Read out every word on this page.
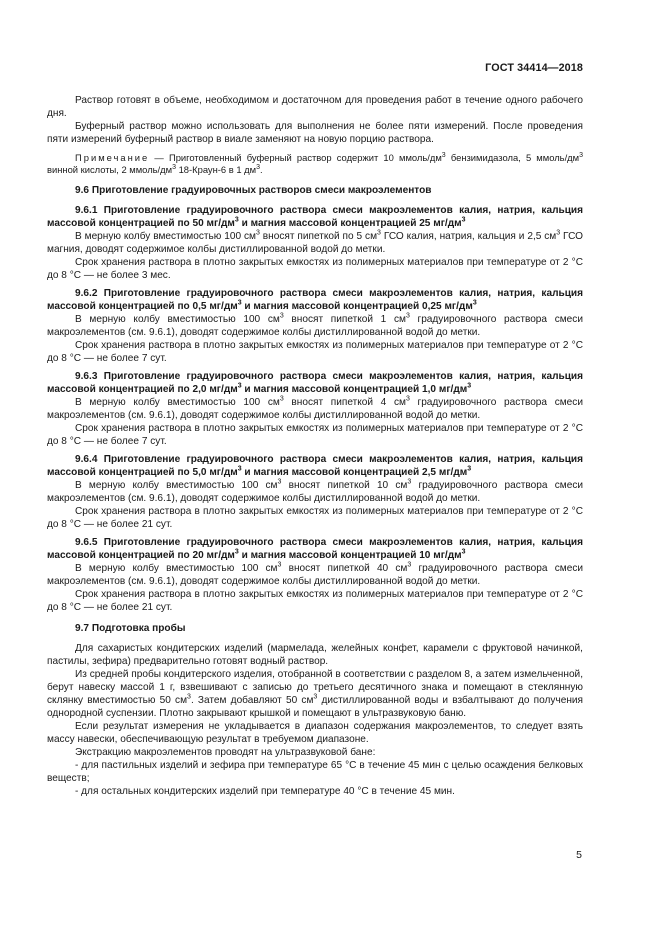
ГОСТ 34414—2018

Раствор готовят в объеме, необходимом и достаточном для проведения работ в течение одного рабочего дня.

Буферный раствор можно использовать для выполнения не более пяти измерений. После проведения пяти измерений буферный раствор в виале заменяют на новую порцию раствора.

Примечание — Приготовленный буферный раствор содержит 10 ммоль/$дм^3$ бензимидазола, 5 ммоль/$дм^3$ винной кислоты, 2 ммоль/$дм^3$ 18-Краун-6 в 1 $дм^3$.

9.6 Приготовление градуировочных растворов смеси макроэлементов

9.6.1 Приготовление градуировочного раствора смеси макроэлементов калия, натрия, кальция массовой концентрацией по 50 $мг/дм^3$ и магния массовой концентрацией 25 $мг/дм^3$

В мерную колбу вместимостью 100 $см^3$ вносят пипеткой по 5 $см^3$ ГСО калия, натрия, кальция и 2,5 $см^3$ ГСО магния, доводят содержимое колбы дистиллированной водой до метки.

Срок хранения раствора в плотно закрытых емкостях из полимерных материалов при температуре от 2 °С до 8 °С — не более 3 мес.

9.6.2 Приготовление градуировочного раствора смеси макроэлементов калия, натрия, кальция массовой концентрацией по 0,5 $мг/дм^3$ и магния массовой концентрацией 0,25 $мг/дм^3$

В мерную колбу вместимостью 100 $см^3$ вносят пипеткой 1 $см^3$ градуировочного раствора смеси макроэлементов (см. 9.6.1), доводят содержимое колбы дистиллированной водой до метки.

Срок хранения раствора в плотно закрытых емкостях из полимерных материалов при температуре от 2 °С до 8 °С — не более 7 сут.

9.6.3 Приготовление градуировочного раствора смеси макроэлементов калия, натрия, кальция массовой концентрацией по 2,0 $мг/дм^3$ и магния массовой концентрацией 1,0 $мг/дм^3$

В мерную колбу вместимостью 100 $см^3$ вносят пипеткой 4 $см^3$ градуировочного раствора смеси макроэлементов (см. 9.6.1), доводят содержимое колбы дистиллированной водой до метки.

Срок хранения раствора в плотно закрытых емкостях из полимерных материалов при температуре от 2 °С до 8 °С — не более 7 сут.

9.6.4 Приготовление градуировочного раствора смеси макроэлементов калия, натрия, кальция массовой концентрацией по 5,0 $мг/дм^3$ и магния массовой концентрацией 2,5 $мг/дм^3$

В мерную колбу вместимостью 100 $см^3$ вносят пипеткой 10 $см^3$ градуировочного раствора смеси макроэлементов (см. 9.6.1), доводят содержимое колбы дистиллированной водой до метки.

Срок хранения раствора в плотно закрытых емкостях из полимерных материалов при температуре от 2 °С до 8 °С — не более 21 сут.

9.6.5 Приготовление градуировочного раствора смеси макроэлементов калия, натрия, кальция массовой концентрацией по 20 $мг/дм^3$ и магния массовой концентрацией 10 $мг/дм^3$

В мерную колбу вместимостью 100 $см^3$ вносят пипеткой 40 $см^3$ градуировочного раствора смеси макроэлементов (см. 9.6.1), доводят содержимое колбы дистиллированной водой до метки.

Срок хранения раствора в плотно закрытых емкостях из полимерных материалов при температуре от 2 °С до 8 °С — не более 21 сут.

9.7 Подготовка пробы

Для сахаристых кондитерских изделий (мармелада, желейных конфет, карамели с фруктовой начинкой, пастилы, зефира) предварительно готовят водный раствор.

Из средней пробы кондитерского изделия, отобранной в соответствии с разделом 8, а затем измельченной, берут навеску массой 1 г, взвешивают с записью до третьего десятичного знака и помещают в стеклянную склянку вместимостью 50 $см^3$. Затем добавляют 50 $см^3$ дистиллированной воды и взбалтывают до получения однородной суспензии. Плотно закрывают крышкой и помещают в ультразвуковую баню.

Если результат измерения не укладывается в диапазон содержания макроэлементов, то следует взять массу навески, обеспечивающую результат в требуемом диапазоне.

Экстракцию макроэлементов проводят на ультразвуковой бане:

- для пастильных изделий и зефира при температуре 65 °С в течение 45 мин с целью осаждения белковых веществ;

- для остальных кондитерских изделий при температуре 40 °С в течение 45 мин.

5
